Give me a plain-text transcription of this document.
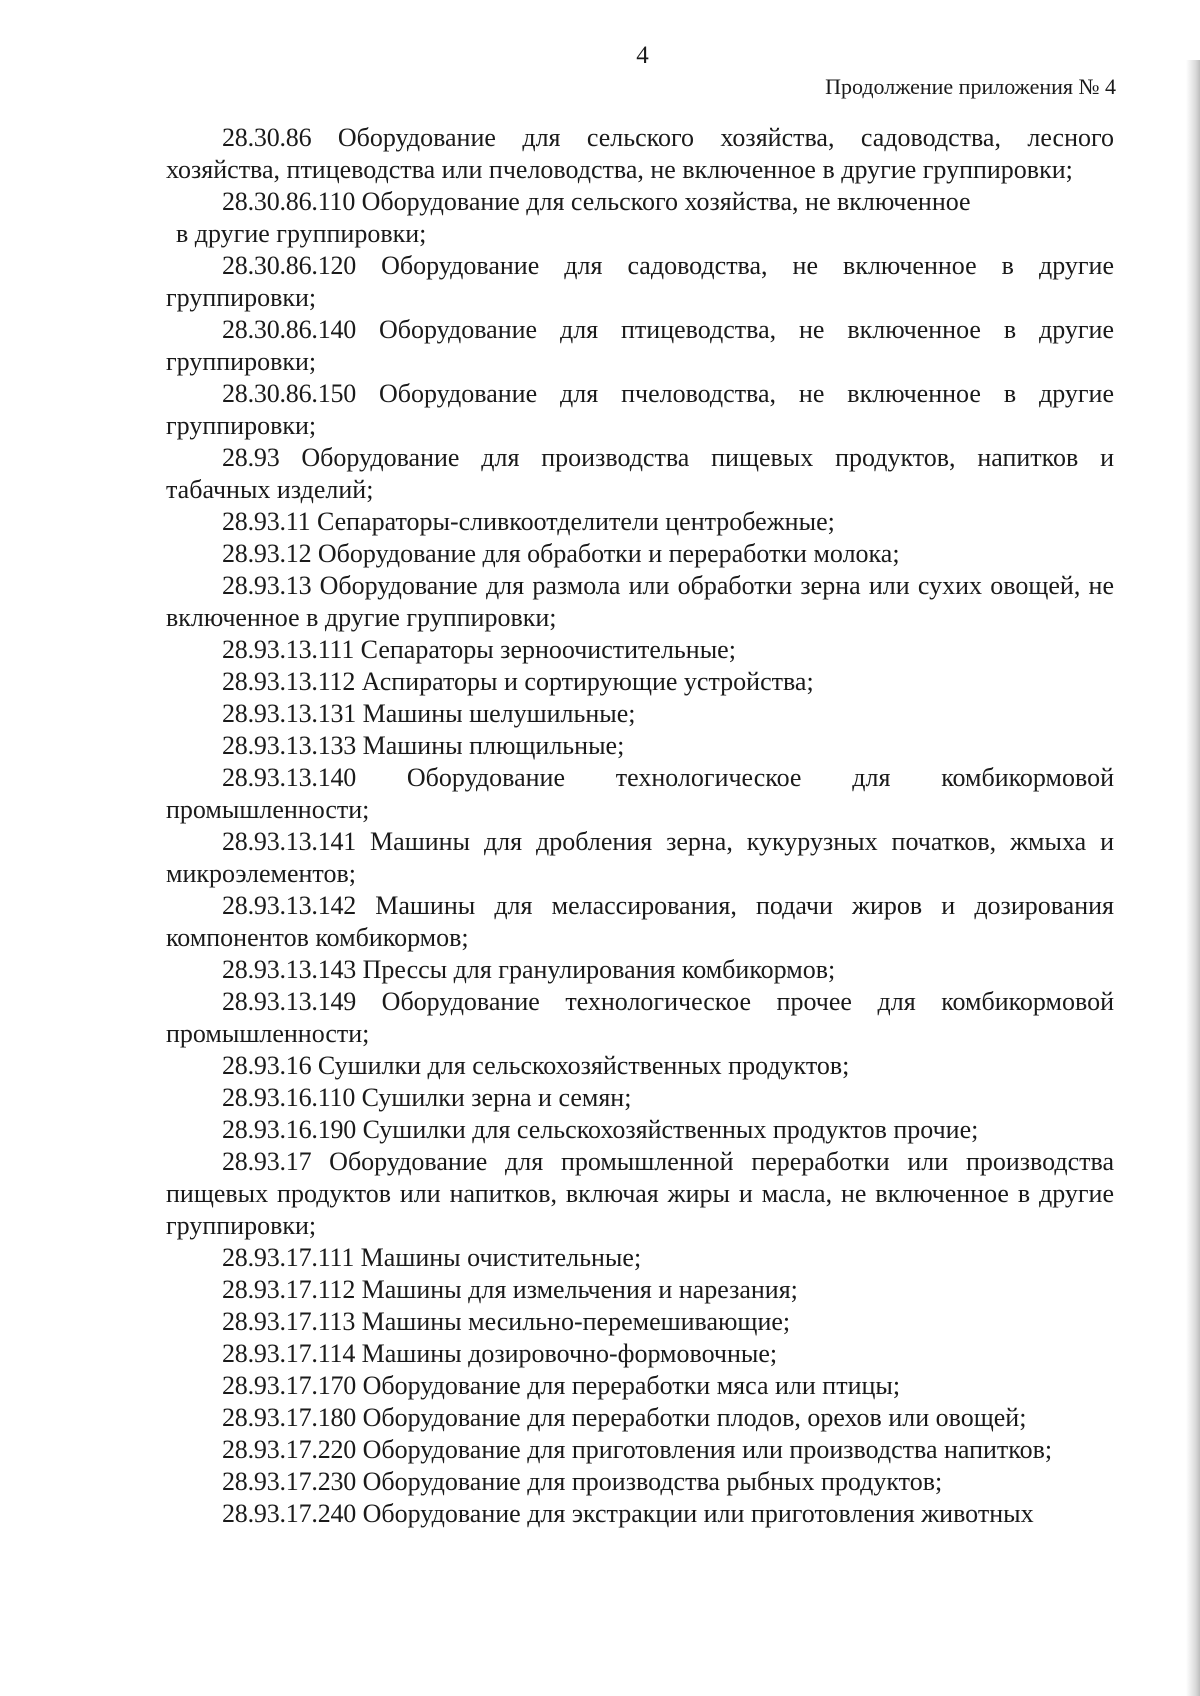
4
Продолжение приложения № 4

28.30.86 Оборудование для сельского хозяйства, садоводства, лесного хозяйства, птицеводства или пчеловодства, не включенное в другие группировки;

28.30.86.110 Оборудование для сельского хозяйства, не включенное
в другие группировки;

28.30.86.120 Оборудование для садоводства, не включенное в другие группировки;

28.30.86.140 Оборудование для птицеводства, не включенное в другие группировки;

28.30.86.150 Оборудование для пчеловодства, не включенное в другие группировки;

28.93 Оборудование для производства пищевых продуктов, напитков и табачных изделий;

28.93.11 Сепараторы-сливкоотделители центробежные;

28.93.12 Оборудование для обработки и переработки молока;

28.93.13 Оборудование для размола или обработки зерна или сухих овощей, не включенное в другие группировки;

28.93.13.111 Сепараторы зерноочистительные;

28.93.13.112 Аспираторы и сортирующие устройства;

28.93.13.131 Машины шелушильные;

28.93.13.133 Машины плющильные;

28.93.13.140 Оборудование технологическое для комбикормовой промышленности;

28.93.13.141 Машины для дробления зерна, кукурузных початков, жмыха и микроэлементов;

28.93.13.142 Машины для мелассирования, подачи жиров и дозирования компонентов комбикормов;

28.93.13.143 Прессы для гранулирования комбикормов;

28.93.13.149 Оборудование технологическое прочее для комбикормовой промышленности;

28.93.16 Сушилки для сельскохозяйственных продуктов;

28.93.16.110 Сушилки зерна и семян;

28.93.16.190 Сушилки для сельскохозяйственных продуктов прочие;

28.93.17 Оборудование для промышленной переработки или производства пищевых продуктов или напитков, включая жиры и масла, не включенное в другие группировки;

28.93.17.111 Машины очистительные;

28.93.17.112 Машины для измельчения и нарезания;

28.93.17.113 Машины месильно-перемешивающие;

28.93.17.114 Машины дозировочно-формовочные;

28.93.17.170 Оборудование для переработки мяса или птицы;

28.93.17.180 Оборудование для переработки плодов, орехов или овощей;

28.93.17.220 Оборудование для приготовления или производства напитков;

28.93.17.230 Оборудование для производства рыбных продуктов;

28.93.17.240 Оборудование для экстракции или приготовления животных
